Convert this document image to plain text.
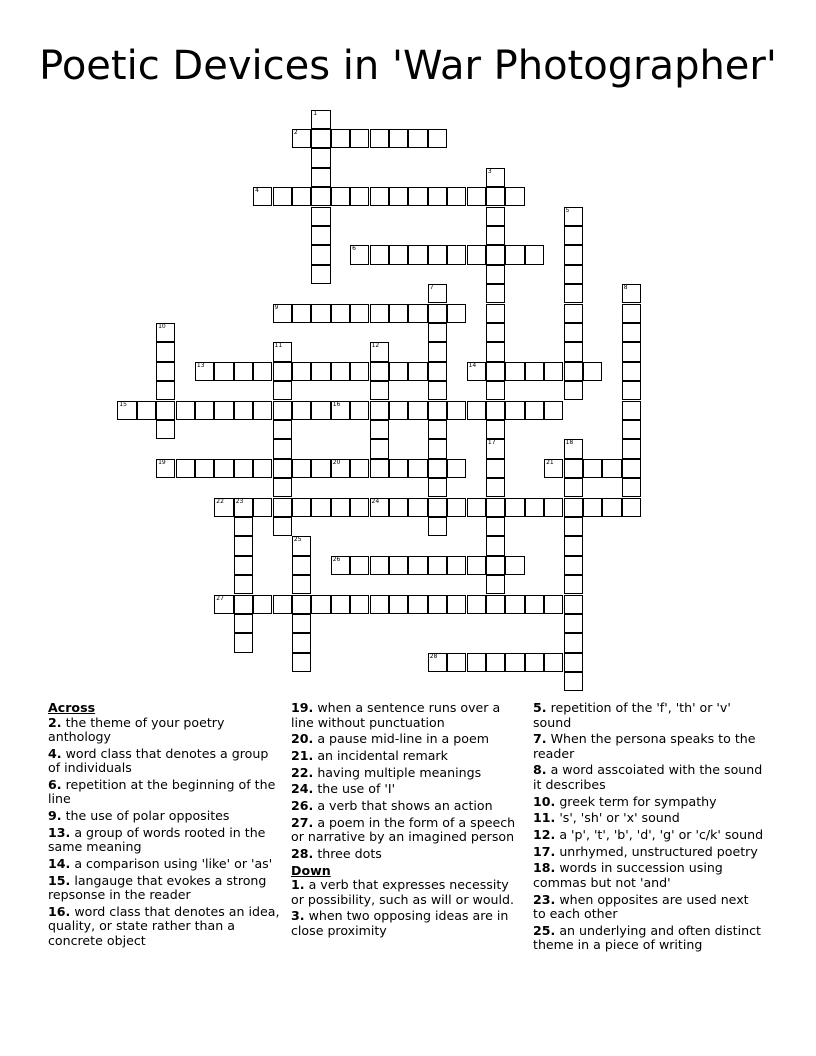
Poetic Devices in 'War Photographer'
1
2
3
17
4
5
6
7	8
9
10
11	12
13	14
15	16
18
19	20	21
22 23	24
25
26
27
28
Across
2. the theme of your poetry anthology
4. word class that denotes a group of individuals
6. repetition at the beginning of the line
9. the use of polar opposites
13. a group of words rooted in the same meaning
14. a comparison using 'like' or 'as'
15. langauge that evokes a strong repsonse in the reader
16. word class that denotes an idea, quality, or state rather than a concrete object
19. when a sentence runs over a line without punctuation
20. a pause mid-line in a poem
21. an incidental remark
22. having multiple meanings
24. the use of 'I'
26. a verb that shows an action
27. a poem in the form of a speech or narrative by an imagined person
28. three dots
Down
1. a verb that expresses necessity or possibility, such as will or would.
3. when two opposing ideas are in close proximity
5. repetition of the 'f', 'th' or 'v' sound
7. When the persona speaks to the reader
8. a word asscoiated with the sound it describes
10. greek term for sympathy
11. 's', 'sh' or 'x' sound
12. a 'p', 't', 'b', 'd', 'g' or 'c/k' sound
17. unrhymed, unstructured poetry
18. words in succession using commas but not 'and'
23. when opposites are used next to each other
25. an underlying and often distinct theme in a piece of writing
